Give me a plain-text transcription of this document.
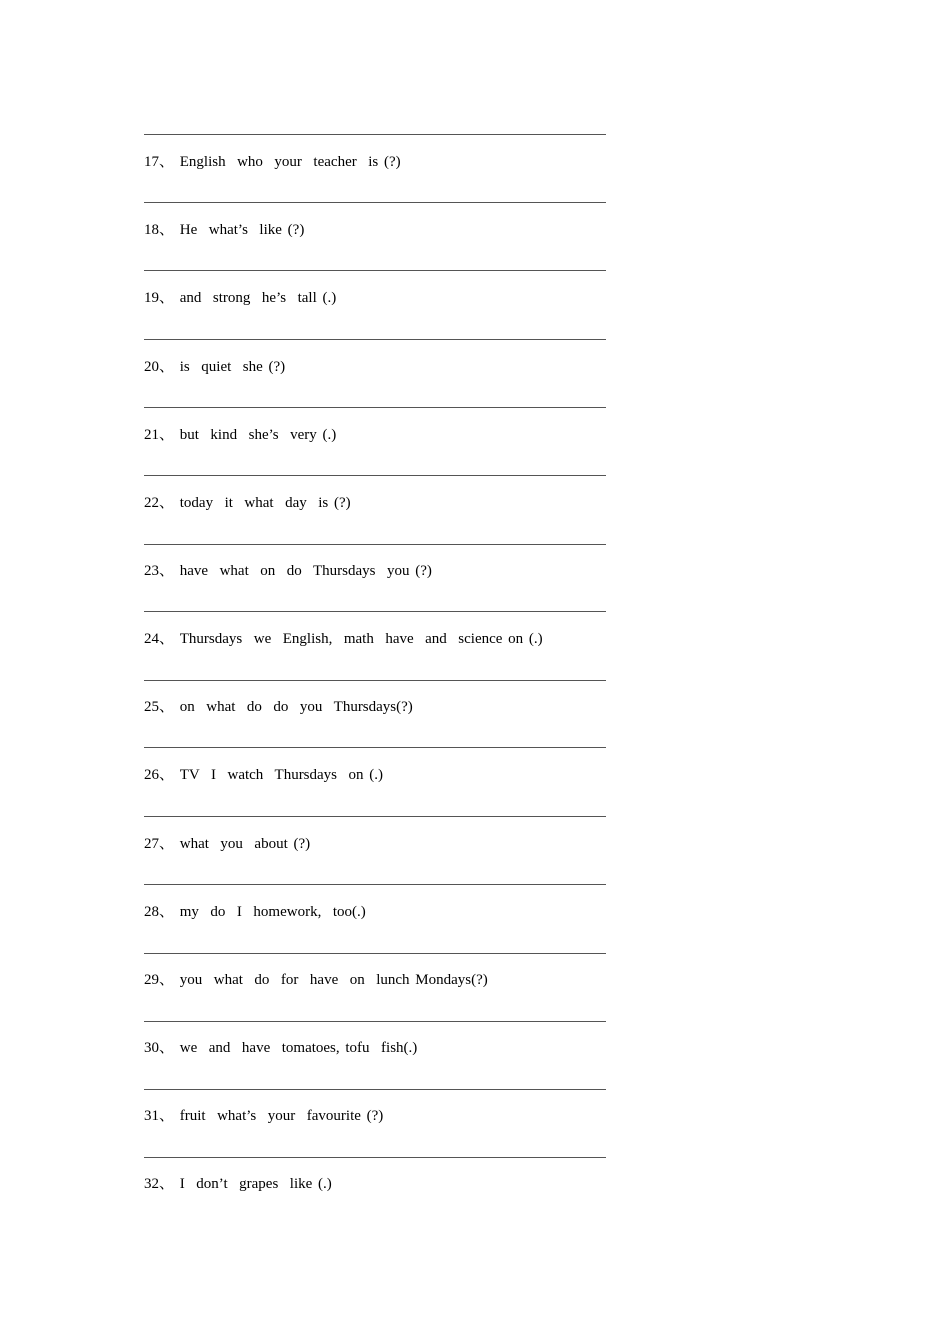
17、 English  who  your  teacher  is (?)
18、 He  what’s  like (?)
19、 and  strong  he’s  tall (.)
20、 is  quiet  she (?)
21、 but  kind  she’s  very (.)
22、 today  it  what  day  is (?)
23、 have  what  on  do  Thursdays  you (?)
24、 Thursdays  we  English,  math  have  and  science on (.)
25、 on  what  do  do  you  Thursdays(?)
26、 TV  I  watch  Thursdays  on (.)
27、 what  you  about (?)
28、 my  do  I  homework,  too(.)
29、 you  what  do  for  have  on  lunch Mondays(?)
30、 we  and  have  tomatoes, tofu  fish(.)
31、 fruit  what’s  your  favourite (?)
32、 I  don’t  grapes  like (.)
